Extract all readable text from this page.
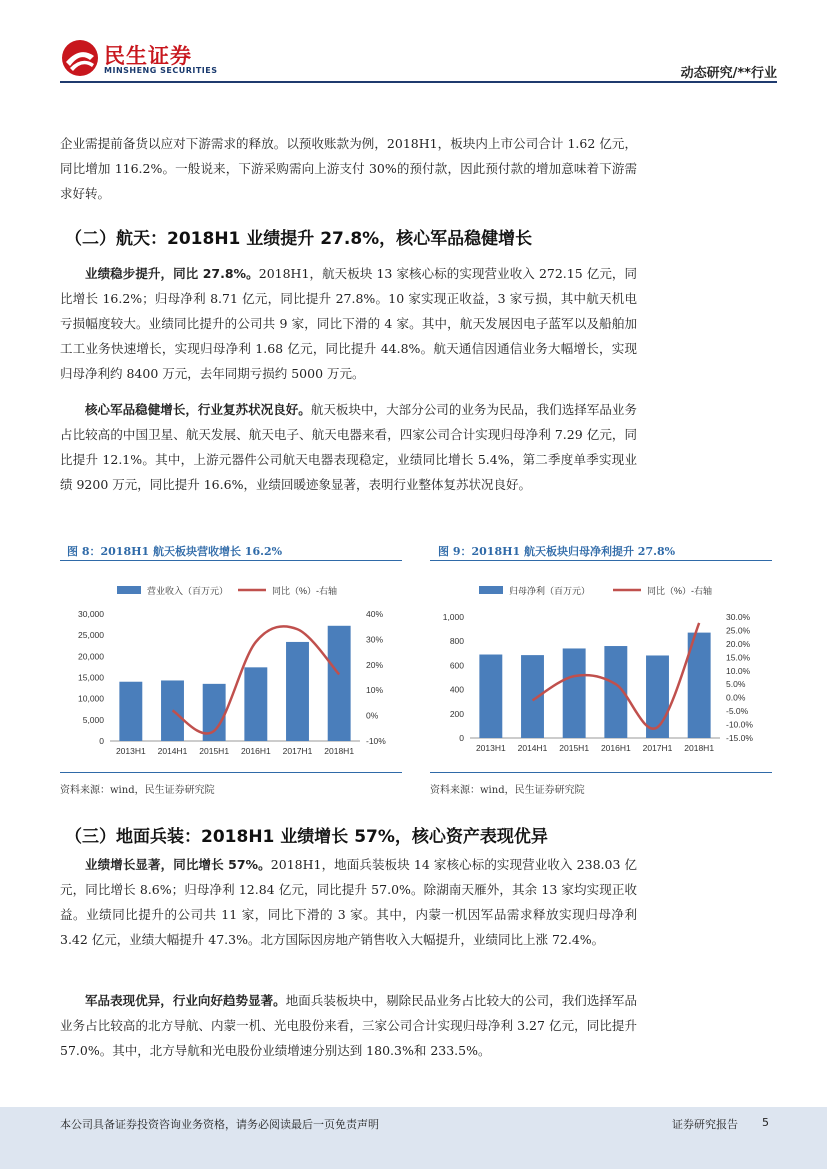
民生证券
MINSHENG SECURITIES	动态研究/**行业
企业需提前备货以应对下游需求的释放。以预收账款为例，2018H1，板块内上市公司合计 1.62 亿元，同比增加 116.2%。一般说来，下游采购需向上游支付 30%的预付款，因此预付款的增加意味着下游需求好转。
（二）航天：2018H1 业绩提升 27.8%，核心军品稳健增长
业绩稳步提升，同比 27.8%。2018H1，航天板块 13 家核心标的实现营业收入 272.15 亿元，同比增长 16.2%；归母净利 8.71 亿元，同比提升 27.8%。10 家实现正收益，3 家亏损，其中航天机电亏损幅度较大。业绩同比提升的公司共 9 家，同比下滑的 4 家。其中，航天发展因电子蓝军以及船舶加工工业务快速增长，实现归母净利 1.68 亿元，同比提升 44.8%。航天通信因通信业务大幅增长，实现归母净利约 8400 万元，去年同期亏损约 5000 万元。
核心军品稳健增长，行业复苏状况良好。航天板块中，大部分公司的业务为民品，我们选择军品业务占比较高的中国卫星、航天发展、航天电子、航天电器来看，四家公司合计实现归母净利 7.29 亿元，同比提升 12.1%。其中，上游元器件公司航天电器表现稳定，业绩同比增长 5.4%，第二季度单季实现业绩 9200 万元，同比提升 16.6%，业绩回暖迹象显著，表明行业整体复苏状况良好。
图 8：2018H1 航天板块营收增长 16.2%	图 9：2018H1 航天板块归母净利提升 27.8%
营业收入（百万元）	同比（%）-右轴
0
5,000
10,000
15,000
20,000
25,000
30,000
-10%
0%
10%
20%
30%
40%
2013H1 2014H1 2015H1 2016H1 2017H1 2018H1
归母净利（百万元）	同比（%）-右轴
0
200
400
600
800
1,000
-15.0%
-10.0%
-5.0%
0.0%
5.0%
10.0%
15.0%
20.0%
25.0%
30.0%
2013H1 2014H1 2015H1 2016H1 2017H1 2018H1
资料来源：wind，民生证券研究院	资料来源：wind，民生证券研究院
（三）地面兵装：2018H1 业绩增长 57%，核心资产表现优异
业绩增长显著，同比增长 57%。2018H1，地面兵装板块 14 家核心标的实现营业收入 238.03 亿元，同比增长 8.6%；归母净利 12.84 亿元，同比提升 57.0%。除湖南天雁外，其余 13 家均实现正收益。业绩同比提升的公司共 11 家，同比下滑的 3 家。其中，内蒙一机因军品需求释放实现归母净利 3.42 亿元，业绩大幅提升 47.3%。北方国际因房地产销售收入大幅提升，业绩同比上涨 72.4%。
军品表现优异，行业向好趋势显著。地面兵装板块中，剔除民品业务占比较大的公司，我们选择军品业务占比较高的北方导航、内蒙一机、光电股份来看，三家公司合计实现归母净利 3.27 亿元，同比提升 57.0%。其中，北方导航和光电股份业绩增速分别达到 180.3%和 233.5%。
本公司具备证券投资咨询业务资格，请务必阅读最后一页免责声明	证券研究报告 5
